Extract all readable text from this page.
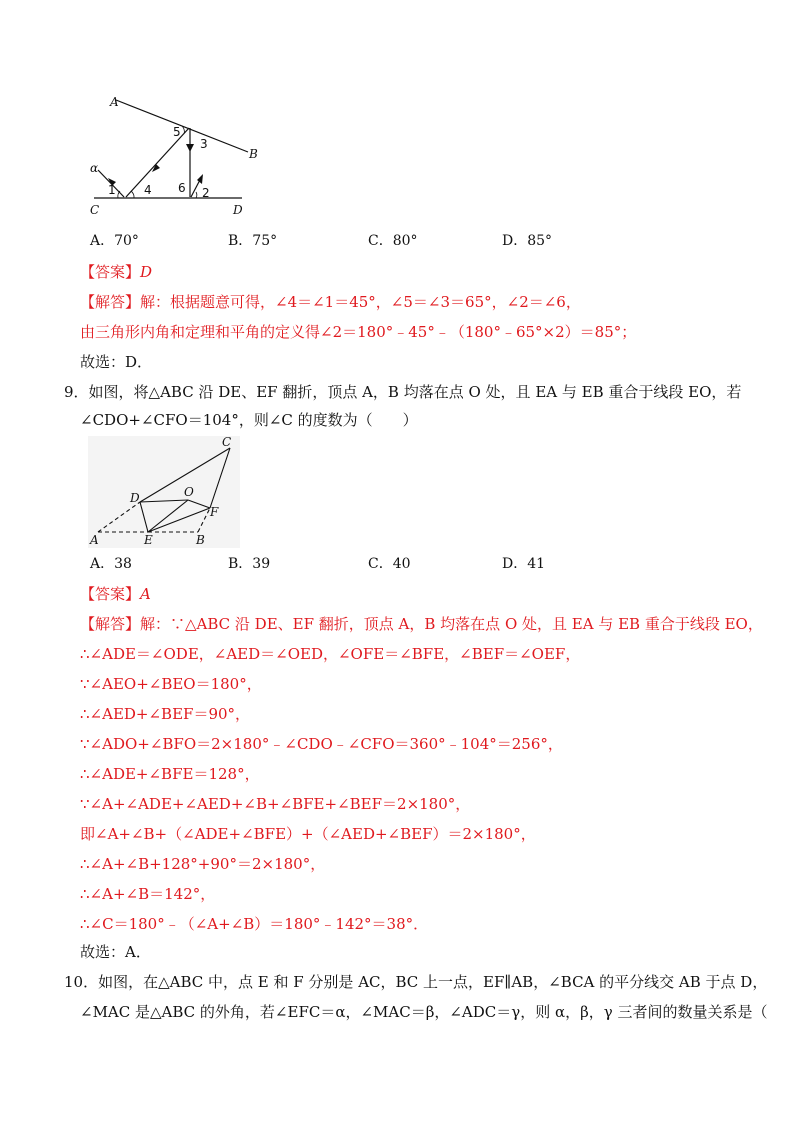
A
B
C	D
α
1 4
5
3
6 2
A．70°	B．75°	C．80°	D．85°
【答案】D
【解答】解：根据题意可得，∠4＝∠1＝45°，∠5＝∠3＝65°，∠2＝∠6，
由三角形内角和定理和平角的定义得∠2＝180°﹣45°﹣（180°﹣65°×2）＝85°；
故选：D．
9．如图，将△ABC 沿 DE、EF 翻折，顶点 A，B 均落在点 O 处，且 EA 与 EB 重合于线段 EO，若
∠CDO+∠CFO＝104°，则∠C 的度数为（　　）
C
D	O
F
A	E	B
A．38	B．39	C．40	D．41
【答案】A
【解答】解：∵△ABC 沿 DE、EF 翻折，顶点 A，B 均落在点 O 处，且 EA 与 EB 重合于线段 EO，
∴∠ADE＝∠ODE，∠AED＝∠OED，∠OFE＝∠BFE，∠BEF＝∠OEF，
∵∠AEO+∠BEO＝180°，
∴∠AED+∠BEF＝90°，
∵∠ADO+∠BFO＝2×180°﹣∠CDO﹣∠CFO＝360°﹣104°＝256°，
∴∠ADE+∠BFE＝128°，
∵∠A+∠ADE+∠AED+∠B+∠BFE+∠BEF＝2×180°，
即∠A+∠B+（∠ADE+∠BFE）+（∠AED+∠BEF）＝2×180°，
∴∠A+∠B+128°+90°＝2×180°，
∴∠A+∠B＝142°，
∴∠C＝180°﹣（∠A+∠B）＝180°﹣142°＝38°．
故选：A．
10．如图，在△ABC 中，点 E 和 F 分别是 AC，BC 上一点，EF∥AB，∠BCA 的平分线交 AB 于点 D，
∠MAC 是△ABC 的外角，若∠EFC＝α，∠MAC＝β，∠ADC＝γ，则 α，β，γ 三者间的数量关系是（
